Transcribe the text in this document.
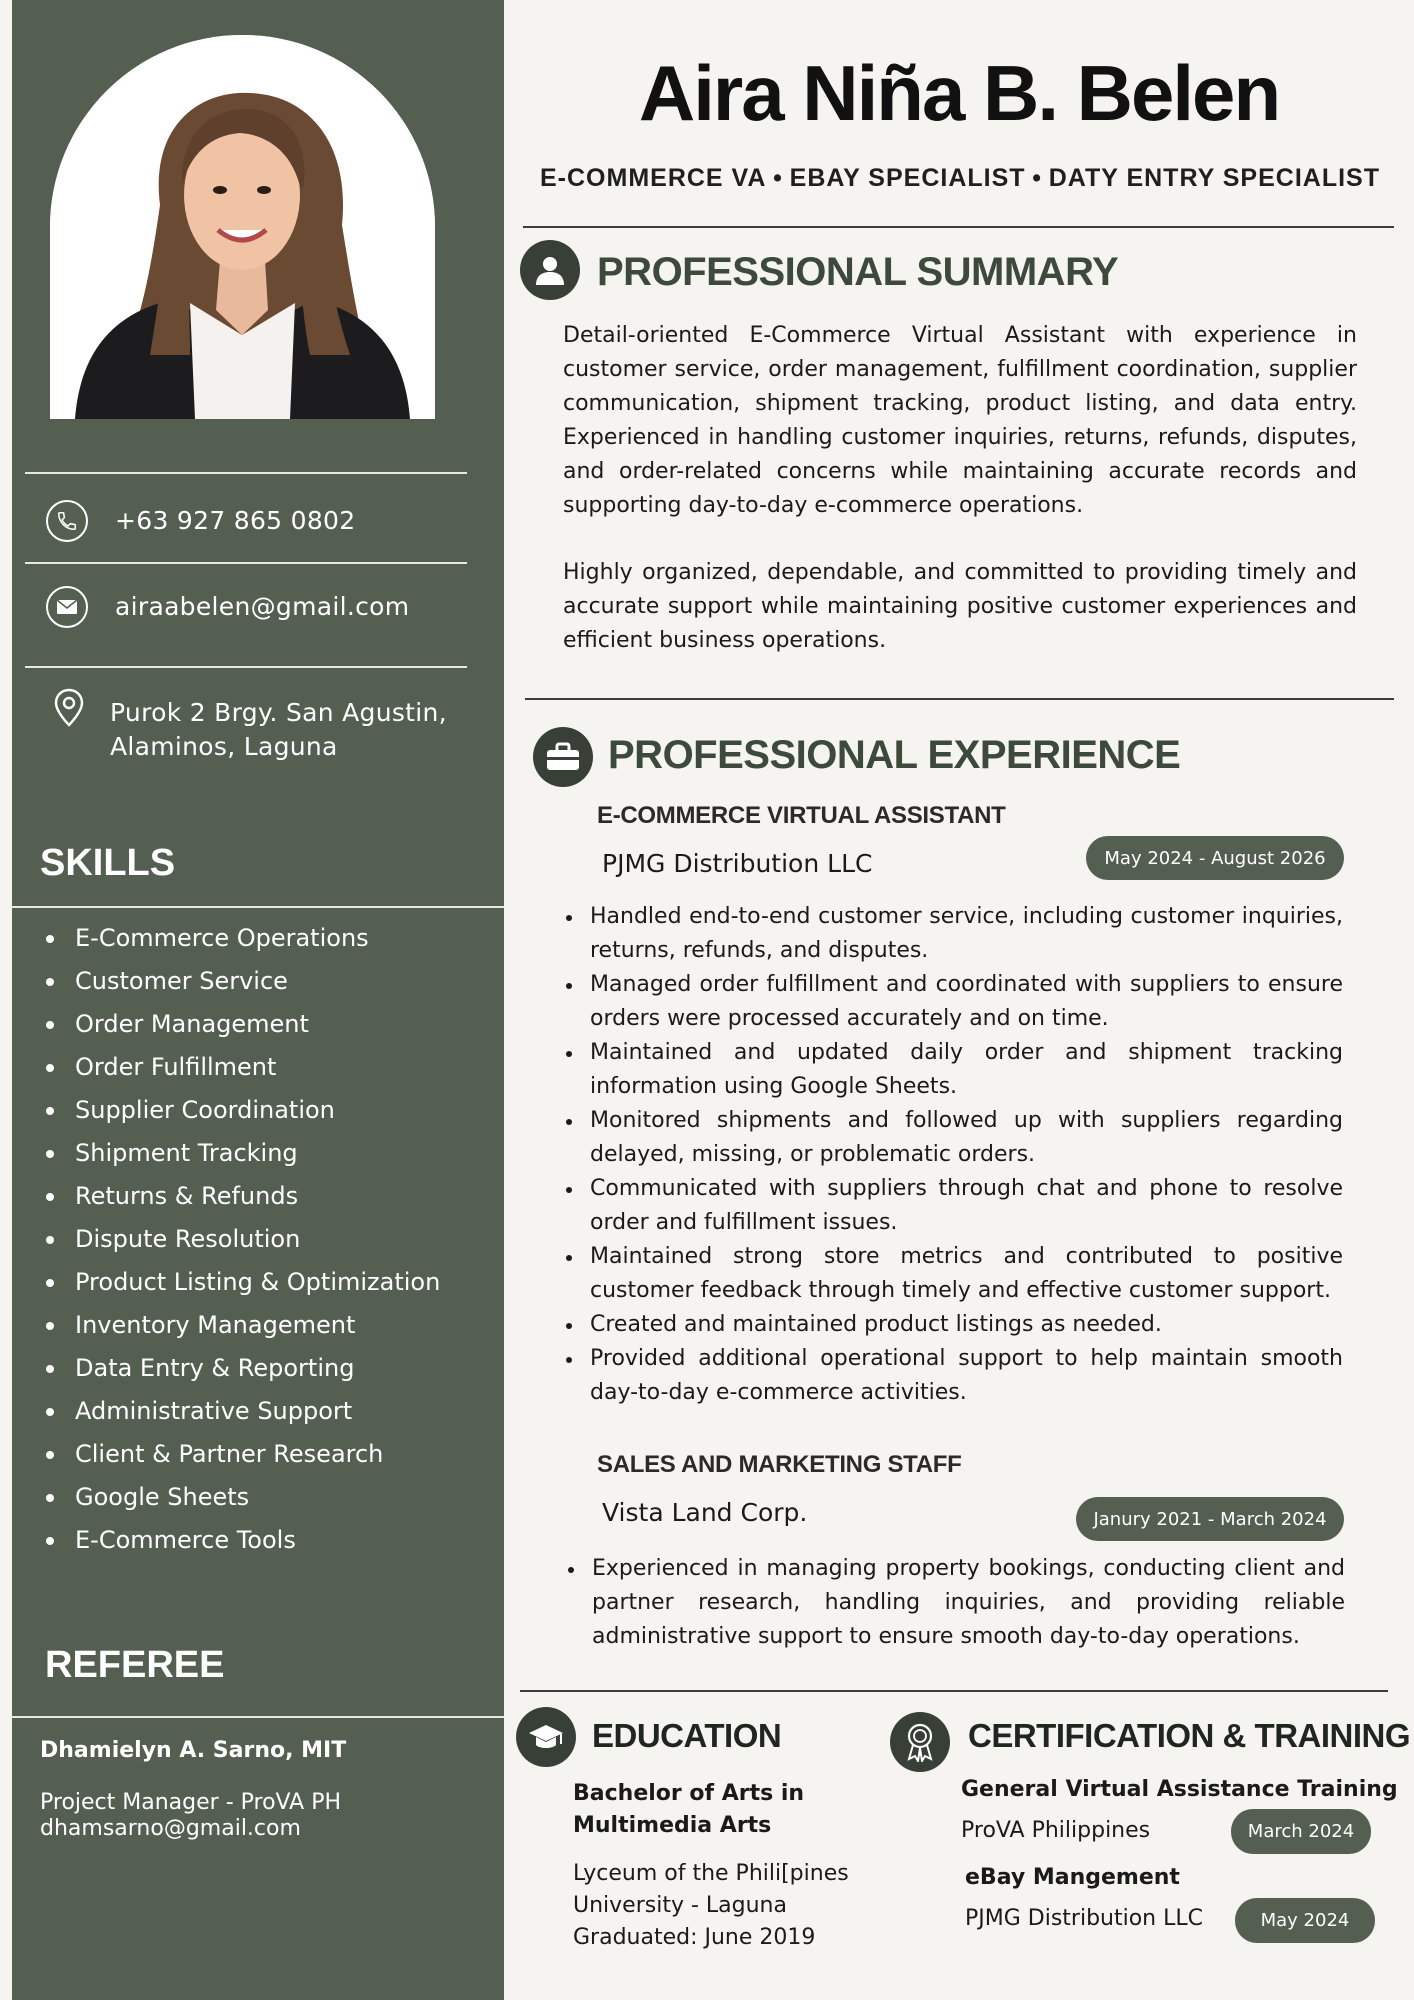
+63 927 865 0802
airaabelen@gmail.com
Purok 2 Brgy. San Agustin,
Alaminos, Laguna
SKILLS
E-Commerce Operations
Customer Service
Order Management
Order Fulfillment
Supplier Coordination
Shipment Tracking
Returns & Refunds
Dispute Resolution
Product Listing & Optimization
Inventory Management
Data Entry & Reporting
Administrative Support
Client & Partner Research
Google Sheets
E-Commerce Tools
REFEREE
Dhamielyn A. Sarno, MIT
Project Manager - ProVA PH
dhamsarno@gmail.com
Aira Niña B. Belen
E-COMMERCE VA • EBAY SPECIALIST • DATY ENTRY SPECIALIST
PROFESSIONAL SUMMARY
Detail-oriented E-Commerce Virtual Assistant with experience in customer service, order management, fulfillment coordination, supplier communication, shipment tracking, product listing, and data entry. Experienced in handling customer inquiries, returns, refunds, disputes, and order-related concerns while maintaining accurate records and supporting day-to-day e-commerce operations.
Highly organized, dependable, and committed to providing timely and accurate support while maintaining positive customer experiences and efficient business operations.
PROFESSIONAL EXPERIENCE
E-COMMERCE VIRTUAL ASSISTANT
PJMG Distribution LLC	May 2024 - August 2026
Handled end-to-end customer service, including customer inquiries, returns, refunds, and disputes.
Managed order fulfillment and coordinated with suppliers to ensure orders were processed accurately and on time.
Maintained and updated daily order and shipment tracking information using Google Sheets.
Monitored shipments and followed up with suppliers regarding delayed, missing, or problematic orders.
Communicated with suppliers through chat and phone to resolve order and fulfillment issues.
Maintained strong store metrics and contributed to positive customer feedback through timely and effective customer support.
Created and maintained product listings as needed.
Provided additional operational support to help maintain smooth day-to-day e-commerce activities.
SALES AND MARKETING STAFF
Vista Land Corp.	Janury 2021 - March 2024
Experienced in managing property bookings, conducting client and partner research, handling inquiries, and providing reliable administrative support to ensure smooth day-to-day operations.
EDUCATION
Bachelor of Arts in
Multimedia Arts
Lyceum of the Phili[pines
University - Laguna
Graduated: June 2019
CERTIFICATION & TRAINING
General Virtual Assistance Training
ProVA Philippines	March 2024
eBay Mangement
PJMG Distribution LLC	May 2024
